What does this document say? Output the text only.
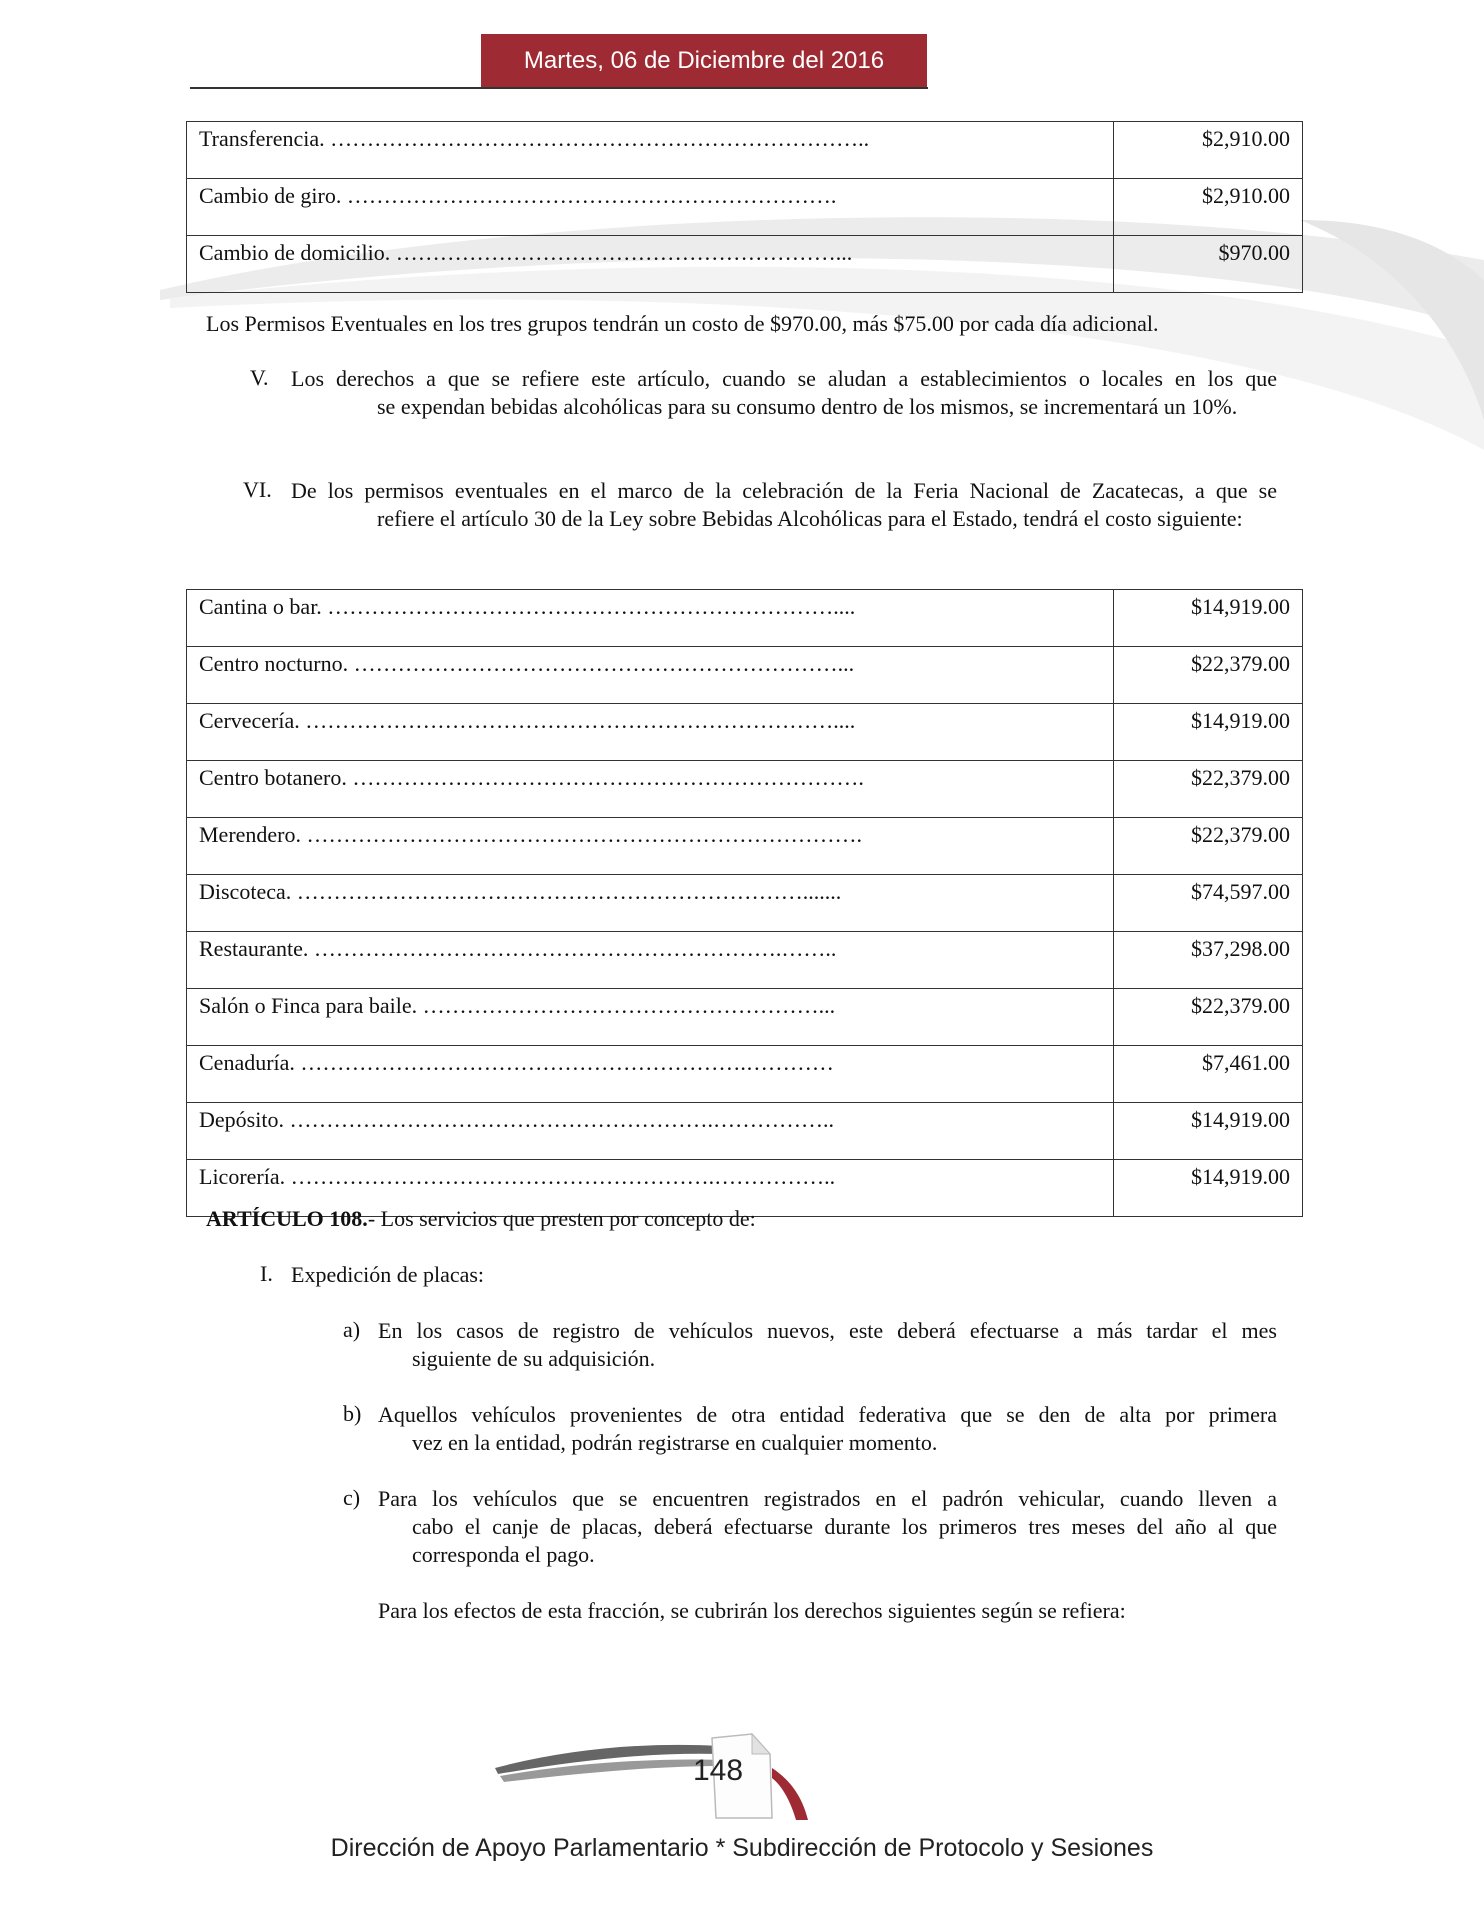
Martes, 06 de Diciembre del 2016
Transferencia. ………………………………………………………………..	$2,910.00
Cambio de giro. ………………………………………………………….	$2,910.00
Cambio de domicilio. ……………………………………………………...	$970.00
Los Permisos Eventuales en los tres grupos tendrán un costo de $970.00, más $75.00 por cada día adicional.
V. Los derechos a que se refiere este artículo, cuando se aludan a establecimientos o locales en los que
se expendan bebidas alcohólicas para su consumo dentro de los mismos, se incrementará un 10%.
VI. De los permisos eventuales en el marco de la celebración de la Feria Nacional de Zacatecas, a que se
refiere el artículo 30 de la Ley sobre Bebidas Alcohólicas para el Estado, tendrá el costo siguiente:
Cantina o bar. ……………………………………………………………....	$14,919.00
Centro nocturno. …………………………………………………………...	$22,379.00
Cervecería. ………………………………………………………………....	$14,919.00
Centro botanero. …………………………………………………………….	$22,379.00
Merendero. ………………………………………………………………….	$22,379.00
Discoteca. …………………………………………………………….......	$74,597.00
Restaurante. ……………………………………………………….……..	$37,298.00
Salón o Finca para baile. ………………………………………………...	$22,379.00
Cenaduría. …………………………………………………….…………	$7,461.00
Depósito. ………………………………………………….……………..	$14,919.00
Licorería. ………………………………………………….……………..	$14,919.00
ARTÍCULO 108.- Los servicios que presten por concepto de:
I. Expedición de placas:
a) En los casos de registro de vehículos nuevos, este deberá efectuarse a más tardar el mes
siguiente de su adquisición.
b) Aquellos vehículos provenientes de otra entidad federativa que se den de alta por primera
vez en la entidad, podrán registrarse en cualquier momento.
c) Para los vehículos que se encuentren registrados en el padrón vehicular, cuando lleven a
cabo el canje de placas, deberá efectuarse durante los primeros tres meses del año al que corresponda el pago.
Para los efectos de esta fracción, se cubrirán los derechos siguientes según se refiera:
148
Dirección de Apoyo Parlamentario * Subdirección de Protocolo y Sesiones
